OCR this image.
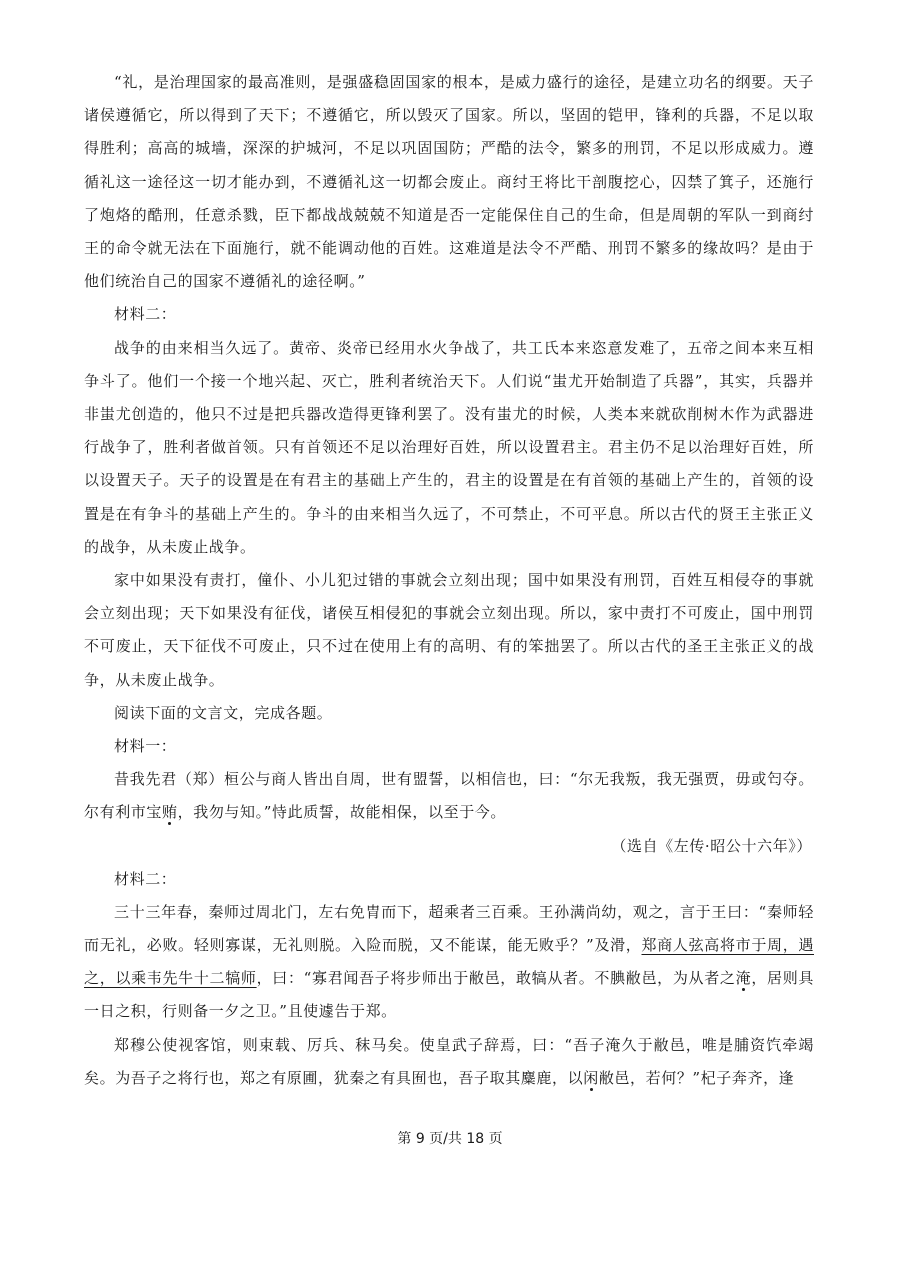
“礼，是治理国家的最高准则，是强盛稳固国家的根本，是威力盛行的途径，是建立功名的纲要。天子诸侯遵循它，所以得到了天下；不遵循它，所以毁灭了国家。所以，坚固的铠甲，锋利的兵器，不足以取得胜利；高高的城墙，深深的护城河，不足以巩固国防；严酷的法令，繁多的刑罚，不足以形成威力。遵循礼这一途径这一切才能办到，不遵循礼这一切都会废止。商纣王将比干剖腹挖心，囚禁了箕子，还施行了炮烙的酷刑，任意杀戮，臣下都战战兢兢不知道是否一定能保住自己的生命，但是周朝的军队一到商纣王的命令就无法在下面施行，就不能调动他的百姓。这难道是法令不严酷、刑罚不繁多的缘故吗？是由于他们统治自己的国家不遵循礼的途径啊。”

材料二：

战争的由来相当久远了。黄帝、炎帝已经用水火争战了，共工氏本来恣意发难了，五帝之间本来互相争斗了。他们一个接一个地兴起、灭亡，胜利者统治天下。人们说“蚩尤开始制造了兵器”，其实，兵器并非蚩尤创造的，他只不过是把兵器改造得更锋利罢了。没有蚩尤的时候，人类本来就砍削树木作为武器进行战争了，胜利者做首领。只有首领还不足以治理好百姓，所以设置君主。君主仍不足以治理好百姓，所以设置天子。天子的设置是在有君主的基础上产生的，君主的设置是在有首领的基础上产生的，首领的设置是在有争斗的基础上产生的。争斗的由来相当久远了，不可禁止，不可平息。所以古代的贤王主张正义的战争，从未废止战争。

家中如果没有责打，僮仆、小儿犯过错的事就会立刻出现；国中如果没有刑罚，百姓互相侵夺的事就会立刻出现；天下如果没有征伐，诸侯互相侵犯的事就会立刻出现。所以，家中责打不可废止，国中刑罚不可废止，天下征伐不可废止，只不过在使用上有的高明、有的笨拙罢了。所以古代的圣王主张正义的战争，从未废止战争。

阅读下面的文言文，完成各题。

材料一：

昔我先君（郑）桓公与商人皆出自周，世有盟誓，以相信也，曰：“尔无我叛，我无强贾，毋或匄夺。尔有利市宝贿，我勿与知。”恃此质誓，故能相保，以至于今。

（选自《左传·昭公十六年》）

材料二：

三十三年春，秦师过周北门，左右免胄而下，超乘者三百乘。王孙满尚幼，观之，言于王曰：“秦师轻而无礼，必败。轻则寡谋，无礼则脱。入险而脱，又不能谋，能无败乎？”及滑，郑商人弦高将市于周，遇之，以乘韦先牛十二犒师，曰：“寡君闻吾子将步师出于敝邑，敢犒从者。不腆敝邑，为从者之淹，居则具一日之积，行则备一夕之卫。”且使遽告于郑。

郑穆公使视客馆，则束载、厉兵、秣马矣。使皇武子辞焉，曰：“吾子淹久于敝邑，唯是脯资饩牵竭矣。为吾子之将行也，郑之有原圃，犹秦之有具囿也，吾子取其麋鹿，以闲敝邑，若何？”杞子奔齐，逢

第 9 页/共 18 页
